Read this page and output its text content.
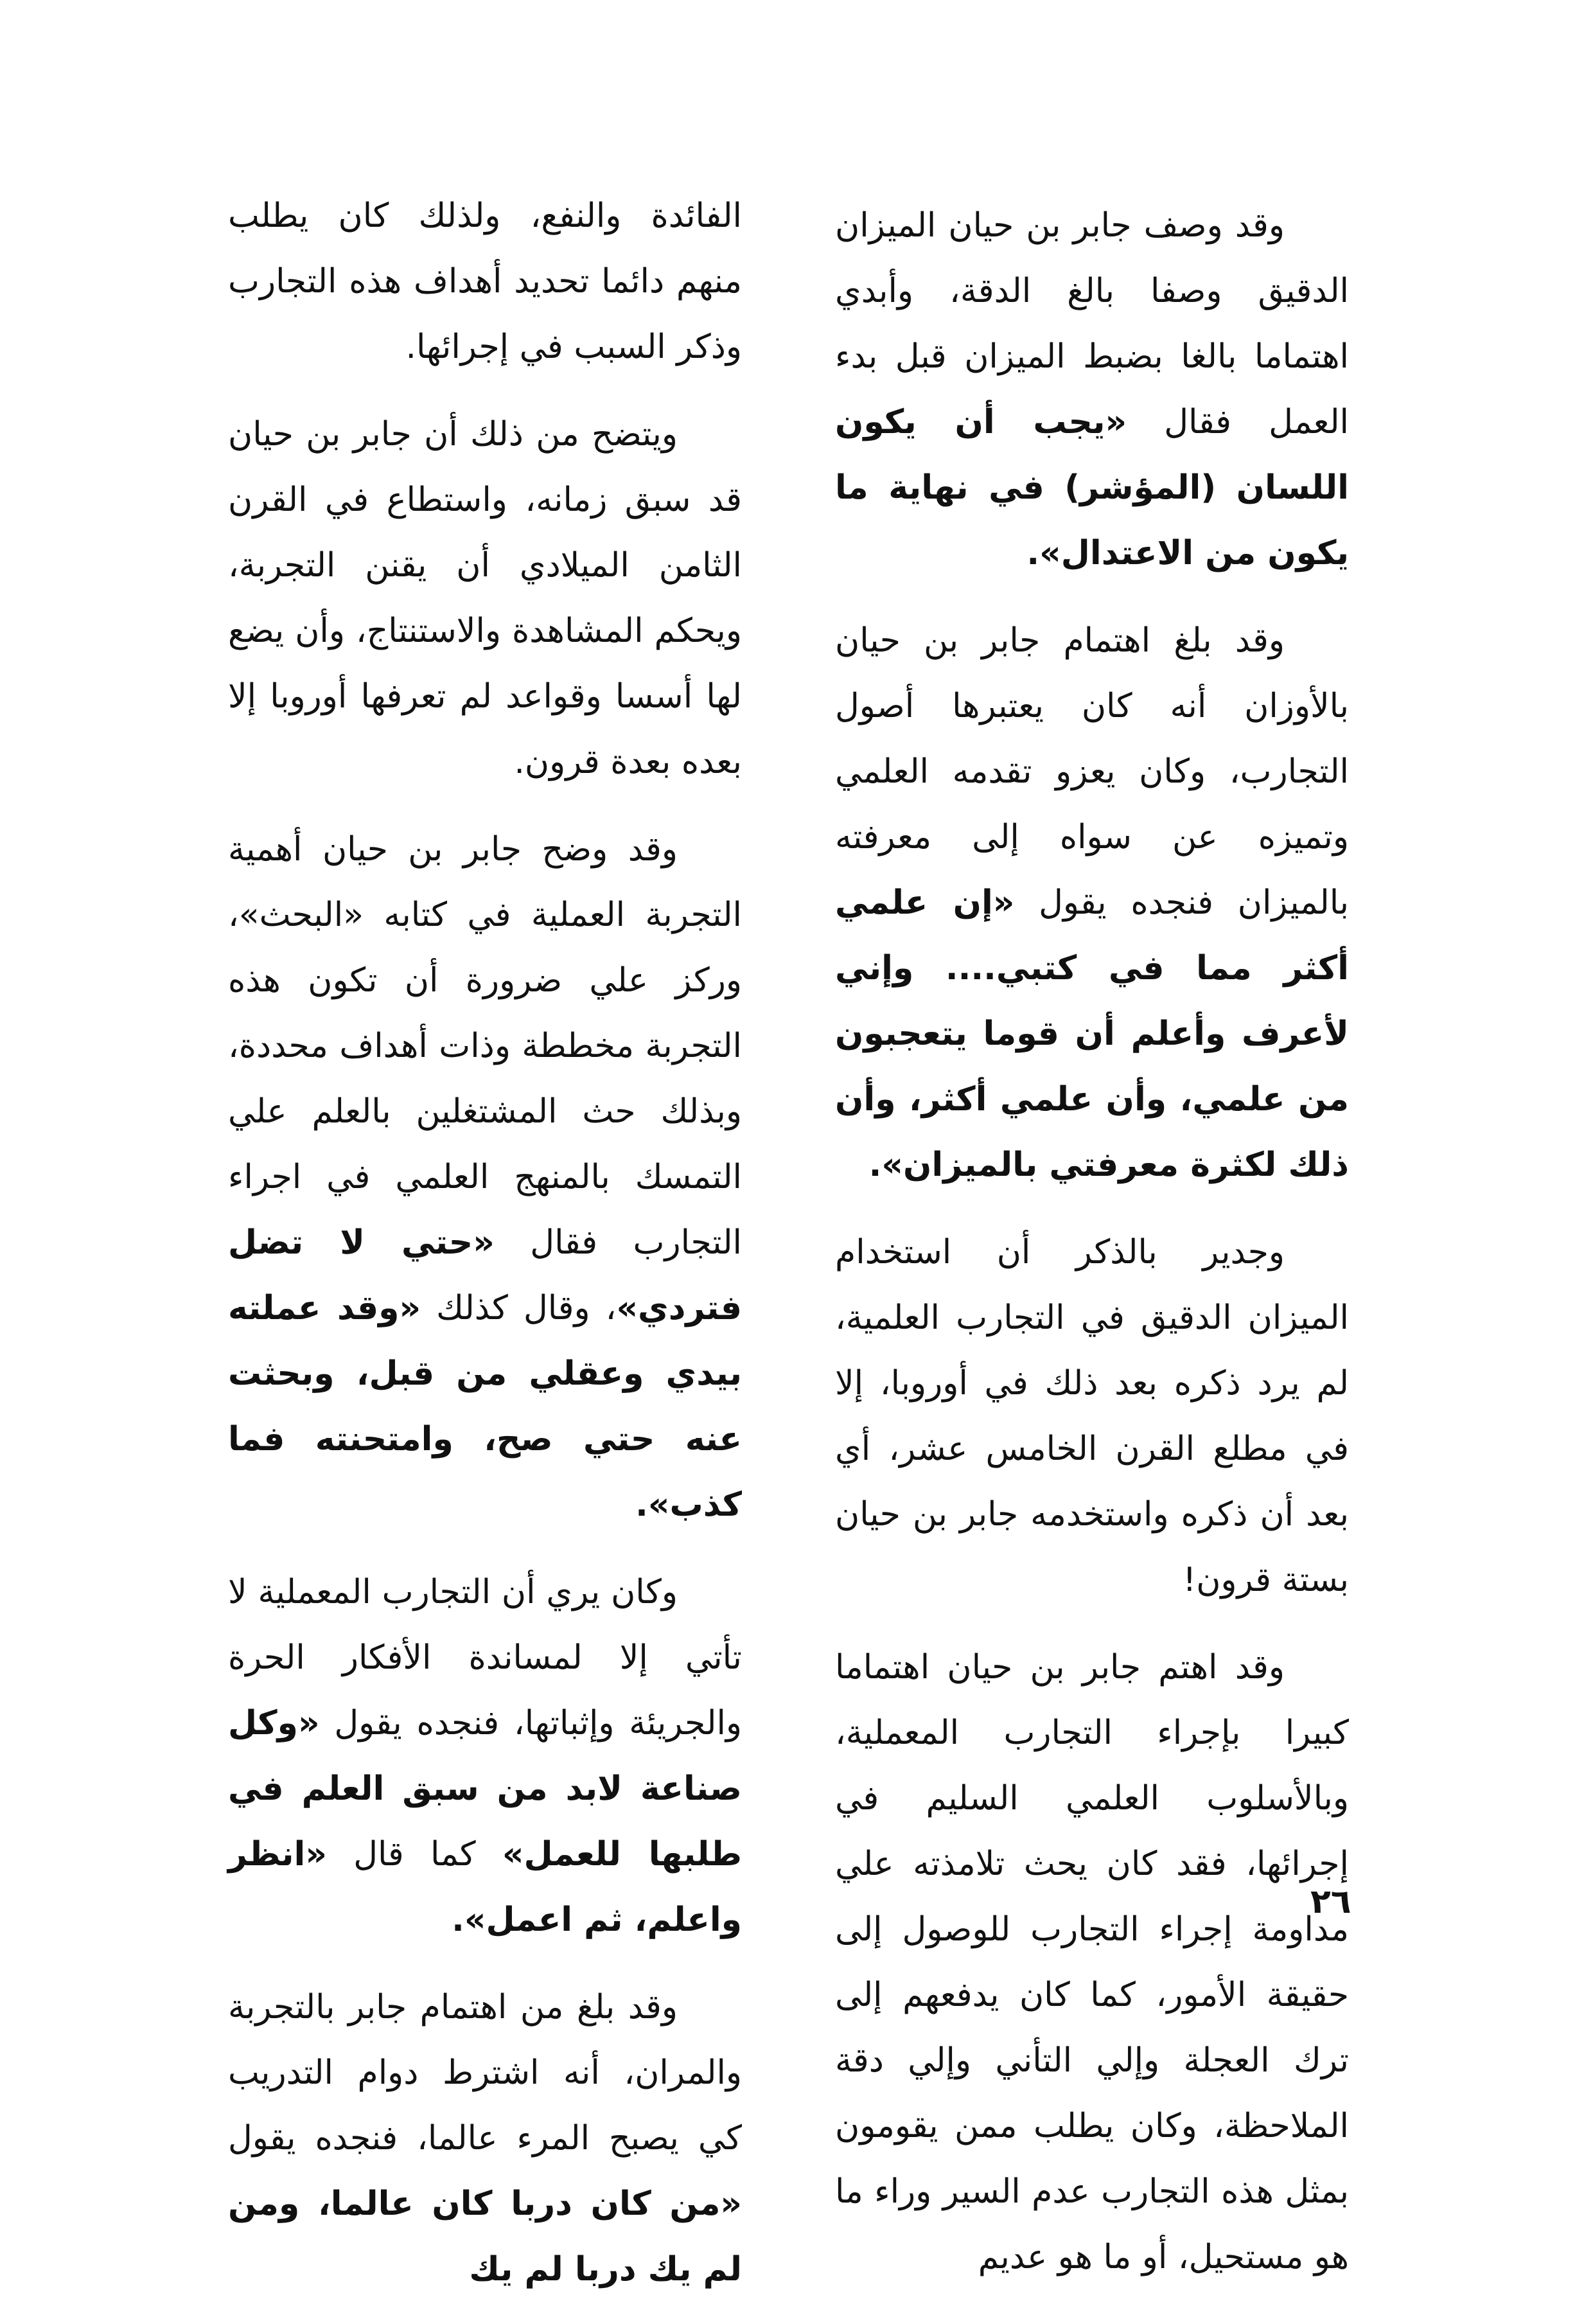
وقد وصف جابر بن حيان الميزان الدقيق وصفا بالغ الدقة، وأبدي اهتماما بالغا بضبط الميزان قبل بدء العمل فقال «يجب أن يكون اللسان (المؤشر) في نهاية ما يكون من الاعتدال».

وقد بلغ اهتمام جابر بن حيان بالأوزان أنه كان يعتبرها أصول التجارب، وكان يعزو تقدمه العلمي وتميزه عن سواه إلى معرفته بالميزان فنجده يقول «إن علمي أكثر مما في كتبي.... وإني لأعرف وأعلم أن قوما يتعجبون من علمي، وأن علمي أكثر، وأن ذلك لكثرة معرفتي بالميزان».

وجدير بالذكر أن استخدام الميزان الدقيق في التجارب العلمية، لم يرد ذكره بعد ذلك في أوروبا، إلا في مطلع القرن الخامس عشر، أي بعد أن ذكره واستخدمه جابر بن حيان بستة قرون!

وقد اهتم جابر بن حيان اهتماما كبيرا بإجراء التجارب المعملية، وبالأسلوب العلمي السليم في إجرائها، فقد كان يحث تلامذته علي مداومة إجراء التجارب للوصول إلى حقيقة الأمور، كما كان يدفعهم إلى ترك العجلة وإلي التأني وإلي دقة الملاحظة، وكان يطلب ممن يقومون بمثل هذه التجارب عدم السير وراء ما هو مستحيل، أو ما هو عديم

الفائدة والنفع، ولذلك كان يطلب منهم دائما تحديد أهداف هذه التجارب وذكر السبب في إجرائها.

ويتضح من ذلك أن جابر بن حيان قد سبق زمانه، واستطاع في القرن الثامن الميلادي أن يقنن التجربة، ويحكم المشاهدة والاستنتاج، وأن يضع لها أسسا وقواعد لم تعرفها أوروبا إلا بعده بعدة قرون.

وقد وضح جابر بن حيان أهمية التجربة العملية في كتابه «البحث»، وركز علي ضرورة أن تكون هذه التجربة مخططة وذات أهداف محددة، وبذلك حث المشتغلين بالعلم علي التمسك بالمنهج العلمي في اجراء التجارب فقال «حتي لا تضل فتردي»، وقال كذلك «وقد عملته بيدي وعقلي من قبل، وبحثت عنه حتي صح، وامتحنته فما كذب».

وكان يري أن التجارب المعملية لا تأتي إلا لمساندة الأفكار الحرة والجريئة وإثباتها، فنجده يقول «وكل صناعة لابد من سبق العلم في طلبها للعمل» كما قال «انظر واعلم، ثم اعمل».

وقد بلغ من اهتمام جابر بالتجربة والمران، أنه اشترط دوام التدريب كي يصبح المرء عالما، فنجده يقول «من كان دربا كان عالما، ومن لم يك دربا لم يك

٢٦
